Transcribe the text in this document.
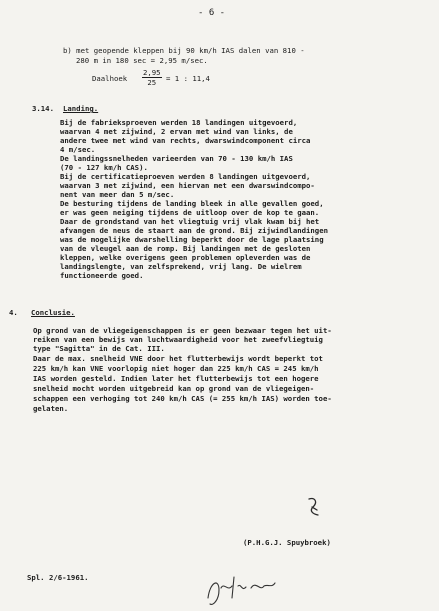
- 6 -
b) met geopende kleppen bij 90 km/h IAS dalen van 810 -
280 m in 180 sec = 2,95 m/sec.
Daalhoek $\frac{2,95}{25} = 1$ : 11,4
3.14. Landing.
Bij de fabrieksproeven werden 18 landingen uitgevoerd,
waarvan 4 met zijwind, 2 ervan met wind van links, de
andere twee met wind van rechts, dwarswindcomponent circa
4 m/sec.
De landingssnelheden varieerden van 70 - 130 km/h IAS
(70 - 127 km/h CAS).
Bij de certificatieproeven werden 8 landingen uitgevoerd,
waarvan 3 met zijwind, een hiervan met een dwarswindcompo-
nent van meer dan 5 m/sec.
De besturing tijdens de landing bleek in alle gevallen goed,
er was geen neiging tijdens de uitloop over de kop te gaan.
Daar de grondstand van het vliegtuig vrij vlak kwam bij het
afvangen de neus de staart aan de grond. Bij zijwindlandingen
was de mogelijke dwarshelling beperkt door de lage plaatsing
van de vleugel aan de romp. Bij landingen met de gesloten
kleppen, welke overigens geen problemen opleverden was de
landingslengte, van zelfsprekend, vrij lang. De wielrem
functioneerde goed.
4. Conclusie.
Op grond van de vliegeigenschappen is er geen bezwaar tegen het uit-
reiken van een bewijs van luchtwaardigheid voor het zweefvliegtuig
type "Sagitta" in de Cat. III.
Daar de max. snelheid VNE door het flutterbewijs wordt beperkt tot
225 km/h kan VNE voorlopig niet hoger dan 225 km/h CAS = 245 km/h
IAS worden gesteld. Indien later het flutterbewijs tot een hogere
snelheid mocht worden uitgebreid kan op grond van de vliegeigen-
schappen een verhoging tot 240 km/h CAS (= 255 km/h IAS) worden toe-
gelaten.
(P.H.G.J. Spuybroek)
Spl. 2/6-1961.
